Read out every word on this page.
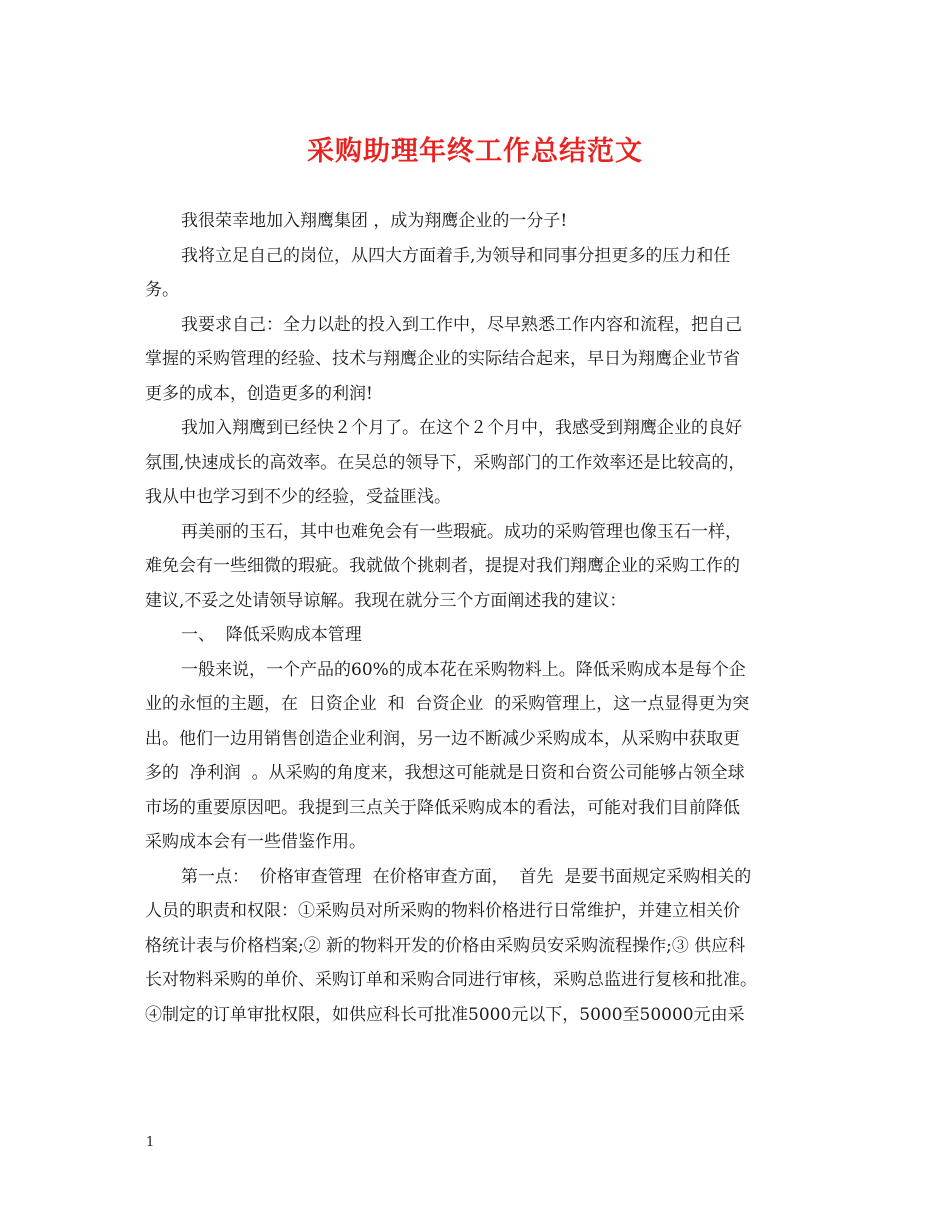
采购助理年终工作总结范文
我很荣幸地加入翔鹰集团 ，成为翔鹰企业的一分子!
我将立足自己的岗位，从四大方面着手,为领导和同事分担更多的压力和任
务。
我要求自己：全力以赴的投入到工作中，尽早熟悉工作内容和流程，把自己
掌握的采购管理的经验、技术与翔鹰企业的实际结合起来，早日为翔鹰企业节省
更多的成本，创造更多的利润!
我加入翔鹰到已经快２个月了。在这个２个月中，我感受到翔鹰企业的良好
氛围,快速成长的高效率。在吴总的领导下，采购部门的工作效率还是比较高的，
我从中也学习到不少的经验，受益匪浅。
再美丽的玉石，其中也难免会有一些瑕疵。成功的采购管理也像玉石一样，
难免会有一些细微的瑕疵。我就做个挑刺者，提提对我们翔鹰企业的采购工作的
建议,不妥之处请领导谅解。我现在就分三个方面阐述我的建议：
一、  降低采购成本管理
一般来说，一个产品的60%的成本花在采购物料上。降低采购成本是每个企
业的永恒的主题，在  日资企业  和  台资企业  的采购管理上，这一点显得更为突
出。他们一边用销售创造企业利润，另一边不断减少采购成本，从采购中获取更
多的  净利润  。从采购的角度来，我想这可能就是日资和台资公司能够占领全球
市场的重要原因吧。我提到三点关于降低采购成本的看法，可能对我们目前降低
采购成本会有一些借鉴作用。
第一点：  价格审查管理  在价格审查方面，  首先  是要书面规定采购相关的
人员的职责和权限：①采购员对所采购的物料价格进行日常维护，并建立相关价
格统计表与价格档案;② 新的物料开发的价格由采购员安采购流程操作;③ 供应科
长对物料采购的单价、采购订单和采购合同进行审核，采购总监进行复核和批准。
④制定的订单审批权限，如供应科长可批准5000元以下，5000至50000元由采
1
